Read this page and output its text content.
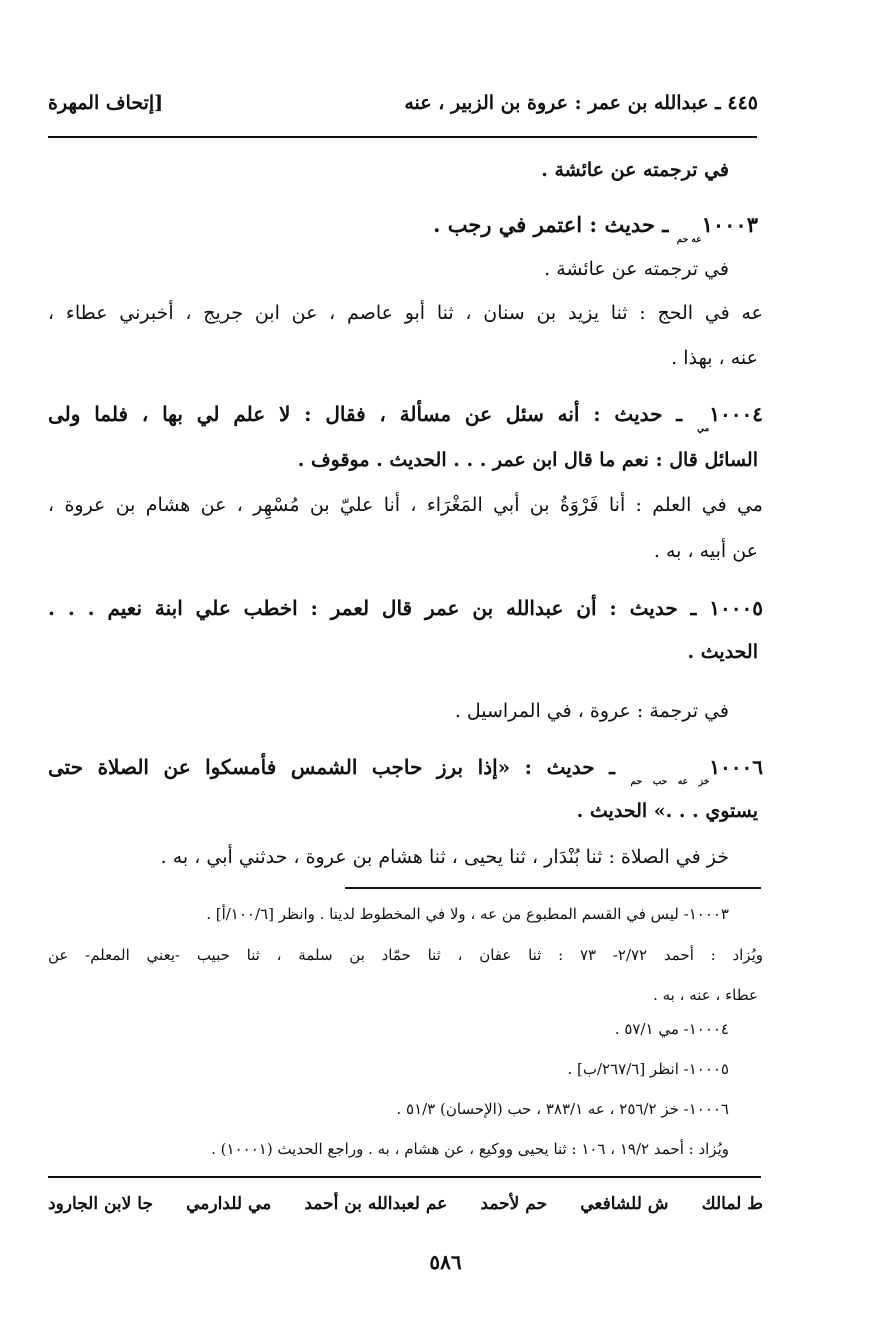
٤٤٥ ـ عبدالله بن عمر : عروة بن الزبير ، عنه
[إتحاف المهرة
في ترجمته عن عائشة .
$١٠٠٠٣_{عه حم}$ ـ حديث : اعتمر في رجب .
في ترجمته عن عائشة .
عه في الحج : ثنا يزيد بن سنان ، ثنا أبو عاصم ، عن ابن جريج ، أخبرني عطاء ،
عنه ، بهذا .
$١٠٠٠٤_{مي}$ ـ حديث : أنه سئل عن مسألة ، فقال : لا علم لي بها ، فلما ولى
السائل قال : نعم ما قال ابن عمر . . . الحديث . موقوف .
مي في العلم : أنا فَرْوَةُ بن أبي المَغْرَاء ، أنا عليّ بن مُسْهِر ، عن هشام بن عروة ،
عن أبيه ، به .
١٠٠٠٥ ـ حديث : أن عبدالله بن عمر قال لعمر : اخطب علي ابنة نعيم . . .
الحديث .
في ترجمة : عروة ، في المراسيل .
$١٠٠٠٦_{خز عه حب حم}$ ـ حديث : «إذا برز حاجب الشمس فأمسكوا عن الصلاة حتى
يستوي . . .» الحديث .
خز في الصلاة : ثنا بُنْدَار ، ثنا يحيى ، ثنا هشام بن عروة ، حدثني أبي ، به .
١٠٠٠٣- ليس في القسم المطبوع من عه ، ولا في المخطوط لدينا . وانظر [١٠٠/٦/أ] .
ويُزاد : أحمد ٢/٧٢- ٧٣ : ثنا عفان ، ثنا حمّاد بن سلمة ، ثنا حبيب -يعني المعلم- عن
عطاء ، عنه ، به .
١٠٠٠٤- مي ٥٧/١ .
١٠٠٠٥- انظر [٢٦٧/٦/ب] .
١٠٠٠٦- خز ٢٥٦/٢ ، عه ٣٨٣/١ ، حب (الإحسان) ٥١/٣ .
ويُزاد : أحمد ١٩/٢ ، ١٠٦ : ثنا يحيى ووكيع ، عن هشام ، به . وراجع الحديث (١٠٠٠١) .
ط لمالك
ش للشافعي
حم لأحمد
عم لعبدالله بن أحمد
مي للدارمي
جا لابن الجارود
٥٨٦
